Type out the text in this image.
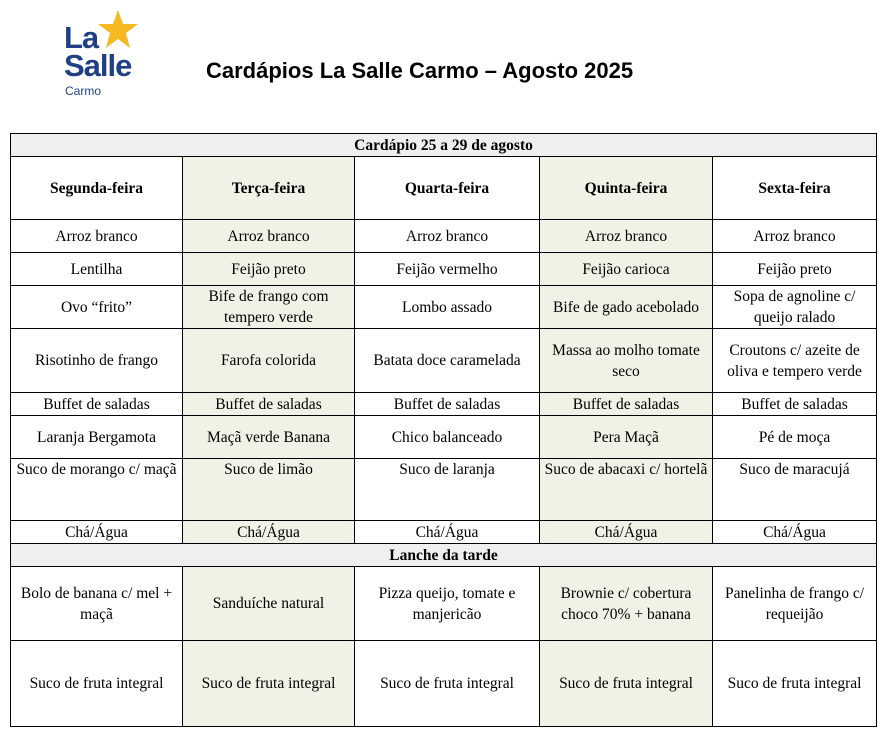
La
Salle
Carmo
Cardápios La Salle Carmo – Agosto 2025
Cardápio 25 a 29 de agosto				
Segunda-feira	Terça-feira	Quarta-feira	Quinta-feira	Sexta-feira
Arroz branco	Arroz branco	Arroz branco	Arroz branco	Arroz branco
Lentilha	Feijão preto	Feijão vermelho	Feijão carioca	Feijão preto
Ovo “frito”	Bife de frango com tempero verde	Lombo assado	Bife de gado acebolado	Sopa de agnoline c/ queijo ralado
Risotinho de frango	Farofa colorida	Batata doce caramelada	Massa ao molho tomate seco	Croutons c/ azeite de oliva e tempero verde
Buffet de saladas	Buffet de saladas	Buffet de saladas	Buffet de saladas	Buffet de saladas
Laranja Bergamota	Maçã verde Banana	Chico balanceado	Pera Maçã	Pé de moça
Suco de morango c/ maçã	Suco de limão	Suco de laranja	Suco de abacaxi c/ hortelã	Suco de maracujá
Chá/Água	Chá/Água	Chá/Água	Chá/Água	Chá/Água
Lanche da tarde				
Bolo de banana c/ mel + maçã	Sanduíche natural	Pizza queijo, tomate e manjericão	Brownie c/ cobertura choco 70% + banana	Panelinha de frango c/ requeijão
Suco de fruta integral	Suco de fruta integral	Suco de fruta integral	Suco de fruta integral	Suco de fruta integral
